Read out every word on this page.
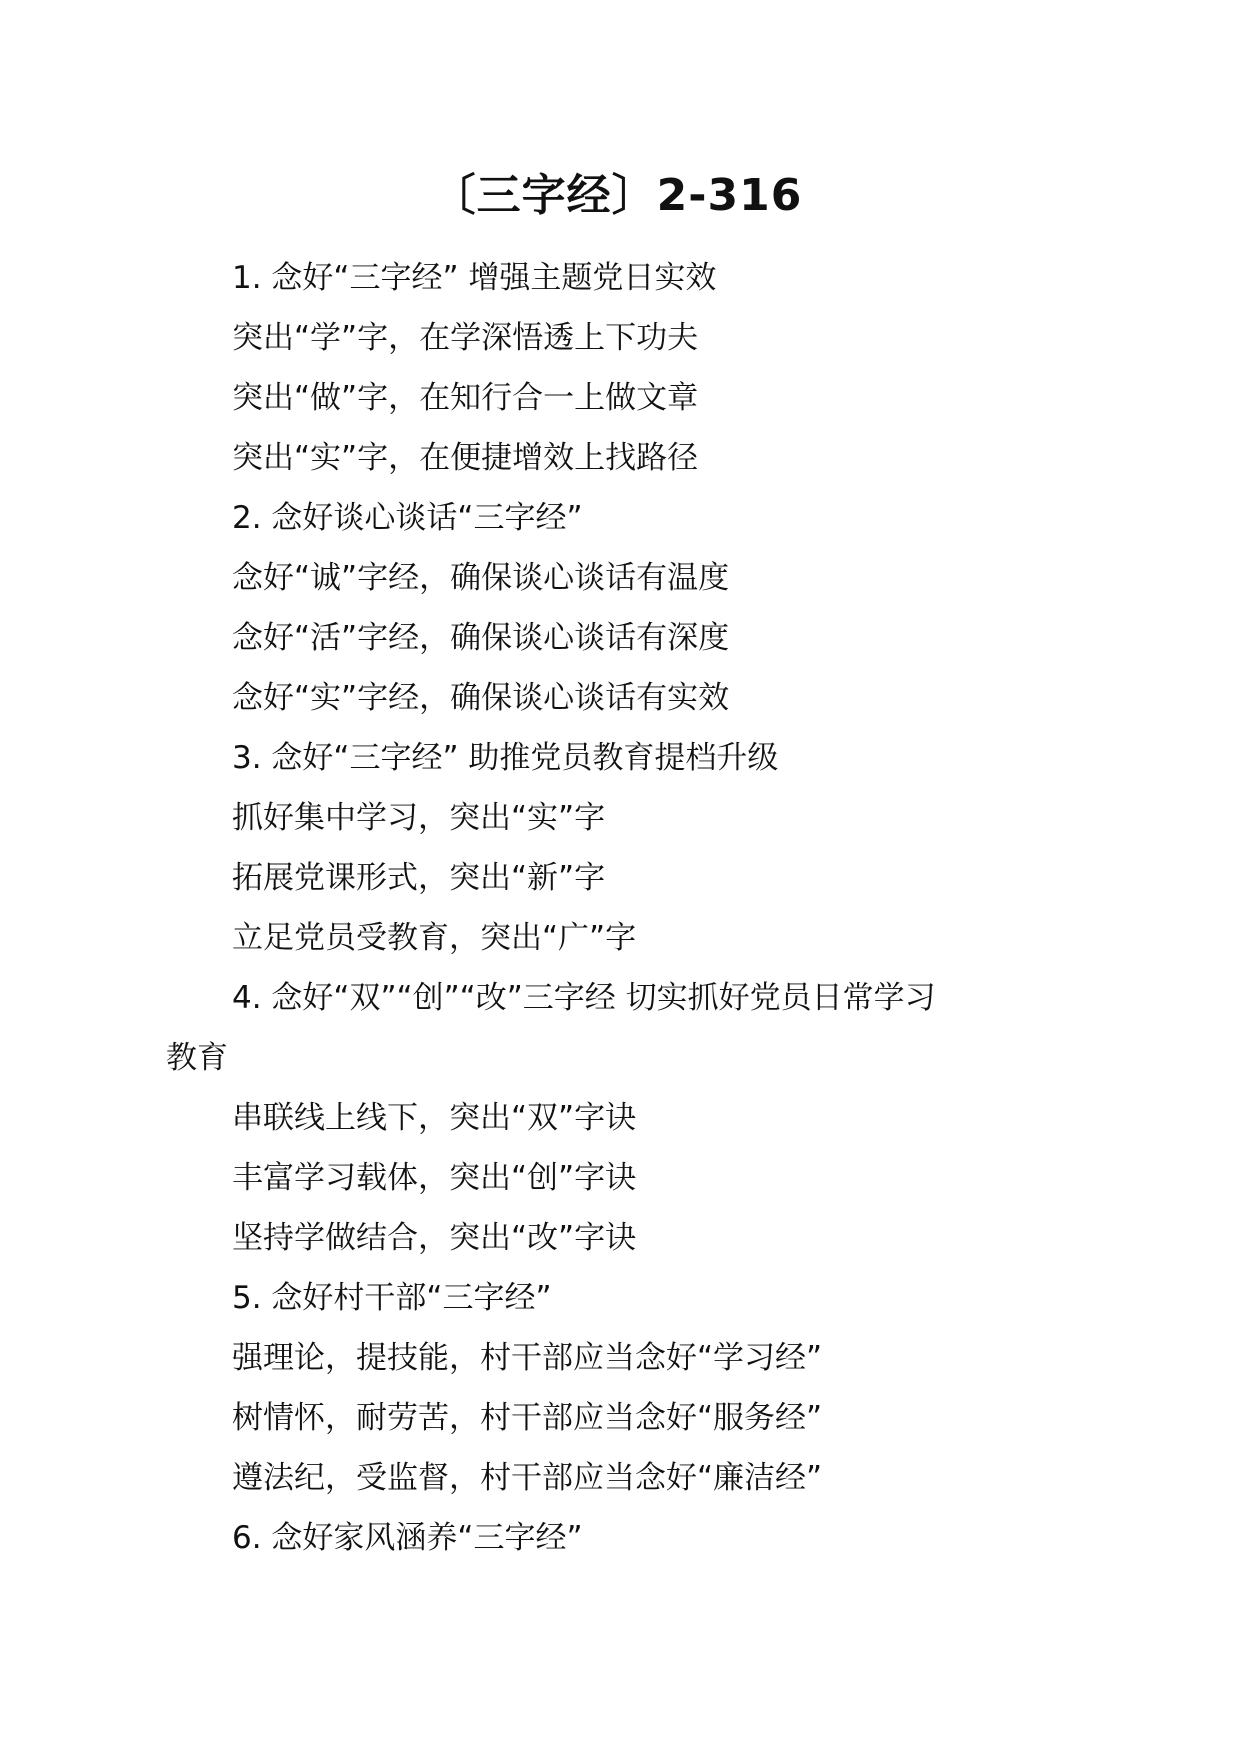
〔三字经〕2-316

1. 念好“三字经” 增强主题党日实效

突出“学”字，在学深悟透上下功夫

突出“做”字，在知行合一上做文章

突出“实”字，在便捷增效上找路径

2. 念好谈心谈话“三字经”

念好“诚”字经，确保谈心谈话有温度

念好“活”字经，确保谈心谈话有深度

念好“实”字经，确保谈心谈话有实效

3. 念好“三字经” 助推党员教育提档升级

抓好集中学习，突出“实”字

拓展党课形式，突出“新”字

立足党员受教育，突出“广”字

4. 念好“双”“创”“改”三字经 切实抓好党员日常学习

教育

串联线上线下，突出“双”字诀

丰富学习载体，突出“创”字诀

坚持学做结合，突出“改”字诀

5. 念好村干部“三字经”

强理论，提技能，村干部应当念好“学习经”

树情怀，耐劳苦，村干部应当念好“服务经”

遵法纪，受监督，村干部应当念好“廉洁经”

6. 念好家风涵养“三字经”
